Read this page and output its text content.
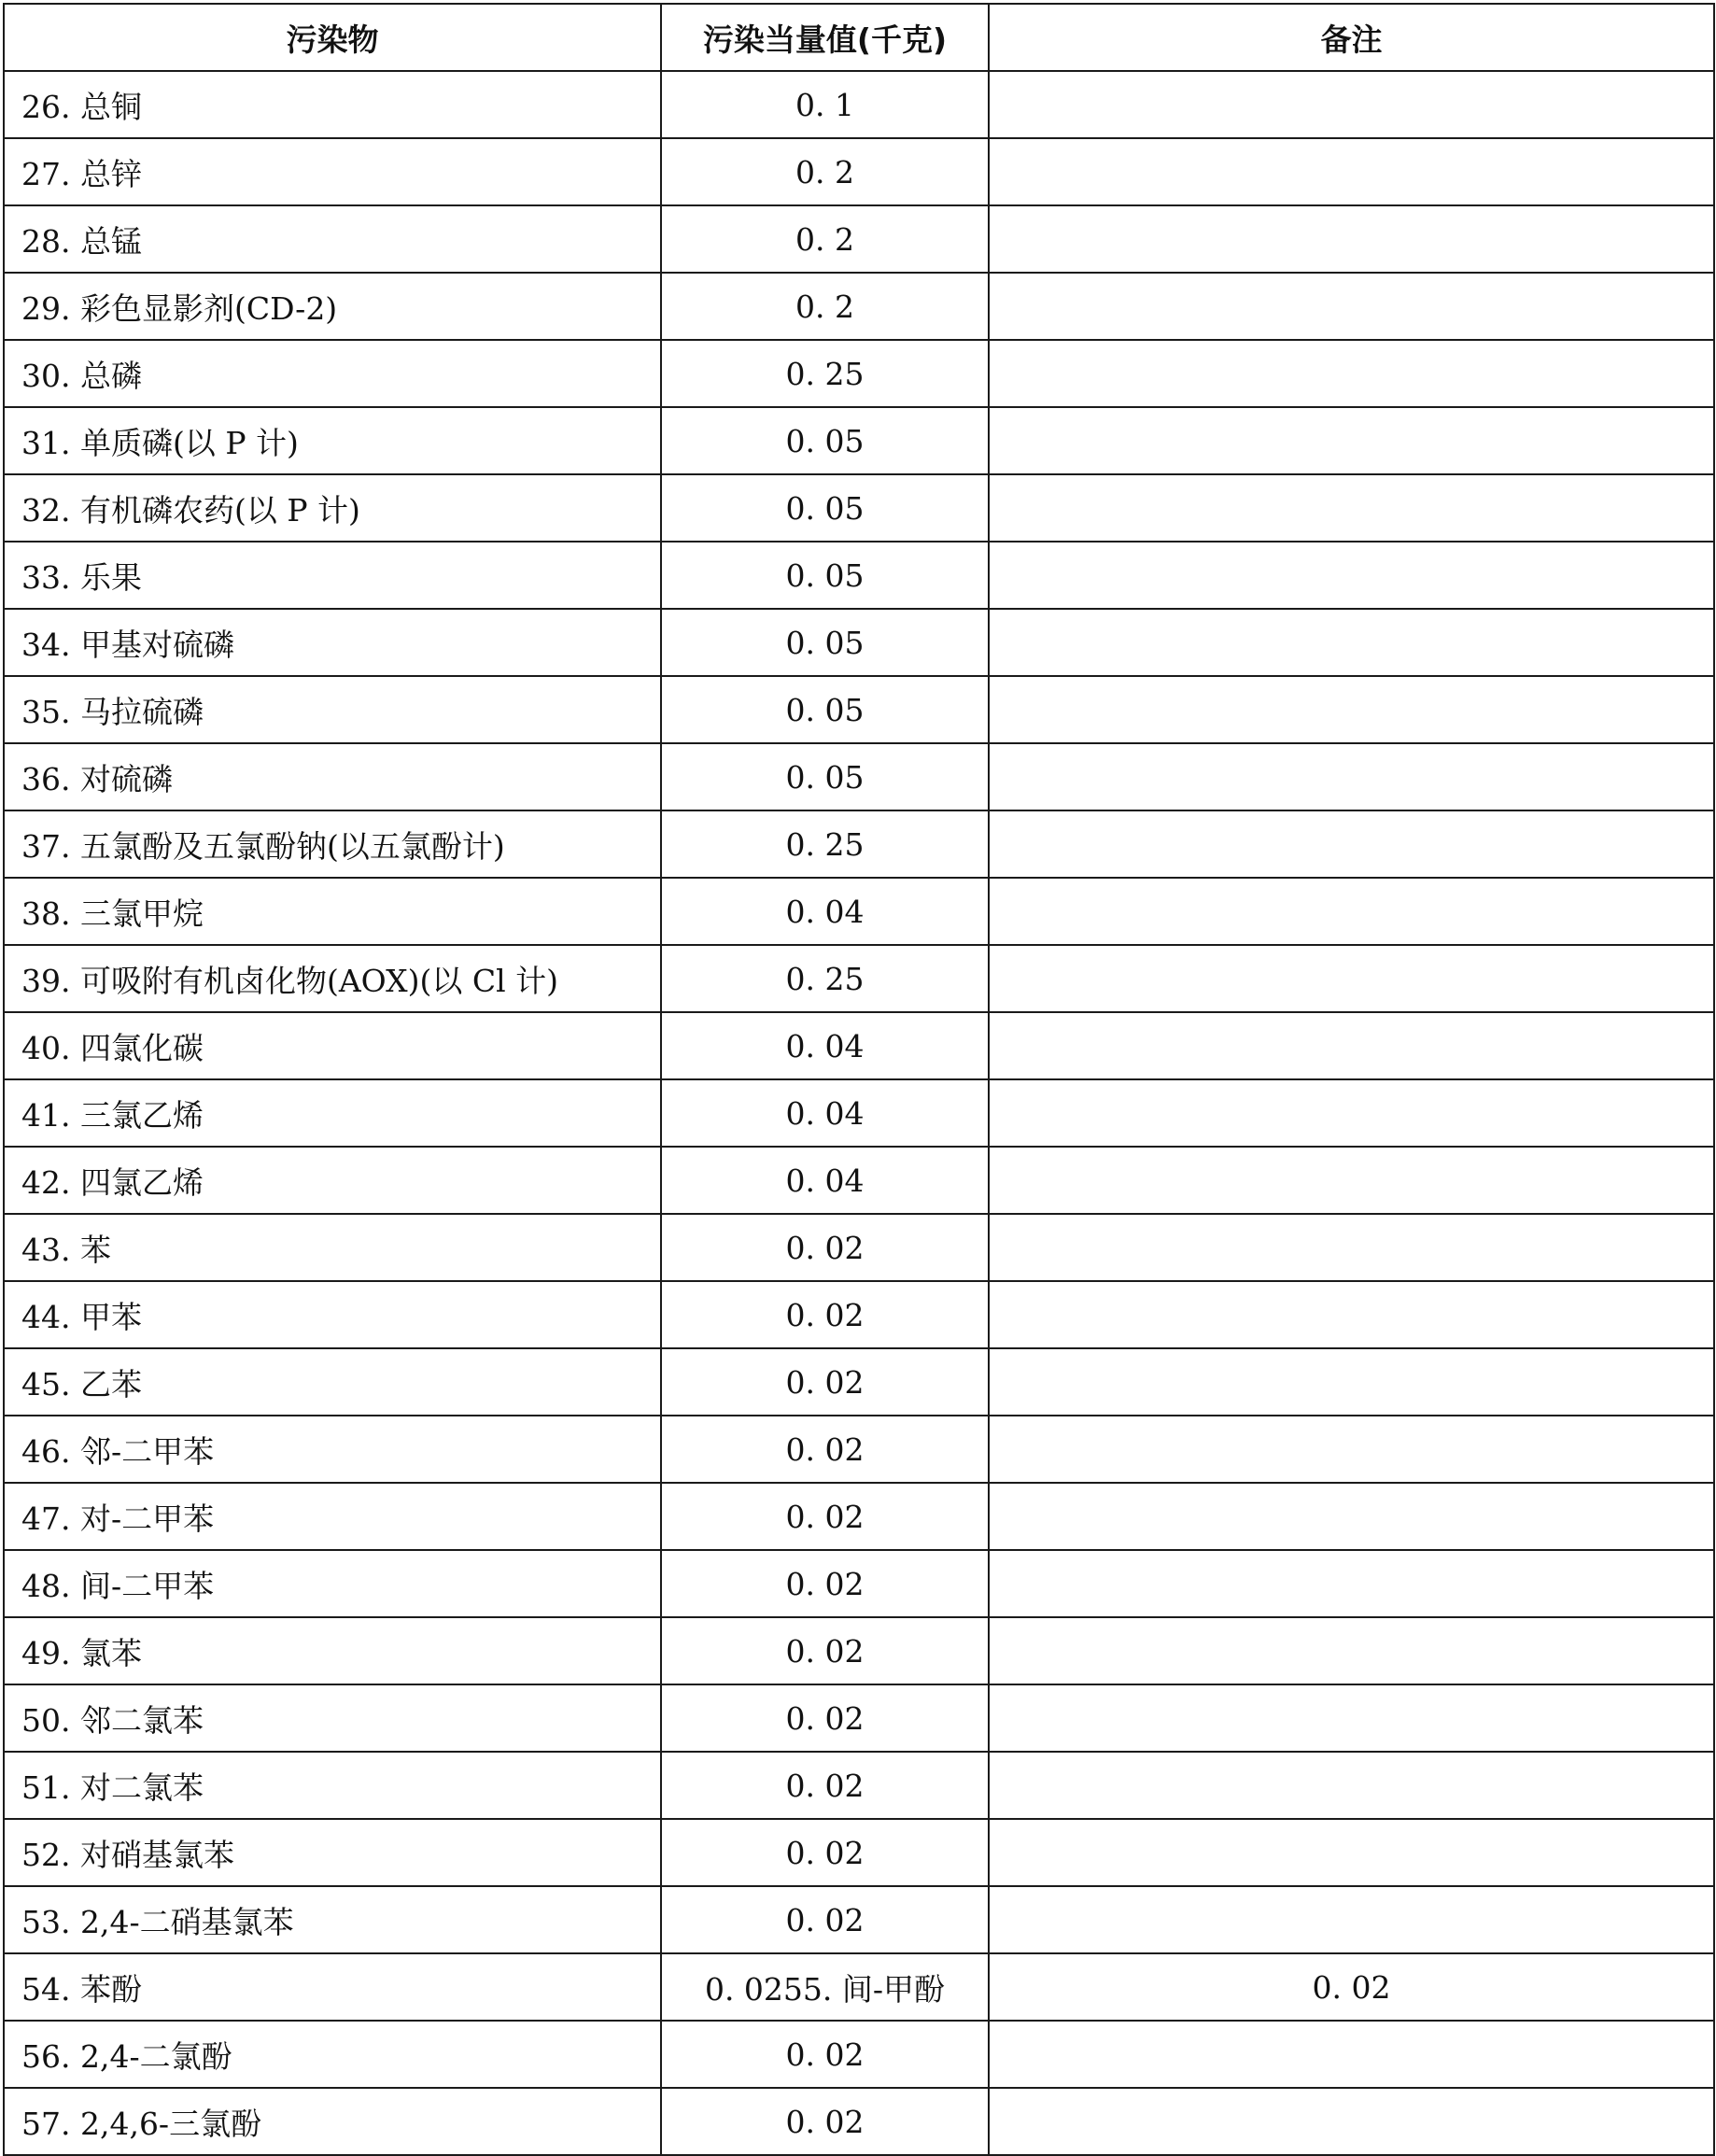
污染物	污染当量值(千克)	备注
26. 总铜	0. 1	
27. 总锌	0. 2	
28. 总锰	0. 2	
29. 彩色显影剂(CD-2)	0. 2	
30. 总磷	0. 25	
31. 单质磷(以 P 计)	0. 05	
32. 有机磷农药(以 P 计)	0. 05	
33. 乐果	0. 05	
34. 甲基对硫磷	0. 05	
35. 马拉硫磷	0. 05	
36. 对硫磷	0. 05	
37. 五氯酚及五氯酚钠(以五氯酚计)	0. 25	
38. 三氯甲烷	0. 04	
39. 可吸附有机卤化物(AOX)(以 Cl 计)	0. 25	
40. 四氯化碳	0. 04	
41. 三氯乙烯	0. 04	
42. 四氯乙烯	0. 04	
43. 苯	0. 02	
44. 甲苯	0. 02	
45. 乙苯	0. 02	
46. 邻-二甲苯	0. 02	
47. 对-二甲苯	0. 02	
48. 间-二甲苯	0. 02	
49. 氯苯	0. 02	
50. 邻二氯苯	0. 02	
51. 对二氯苯	0. 02	
52. 对硝基氯苯	0. 02	
53. 2,4-二硝基氯苯	0. 02	
54. 苯酚	0. 0255. 间-甲酚	0. 02
56. 2,4-二氯酚	0. 02	
57. 2,4,6-三氯酚	0. 02	
